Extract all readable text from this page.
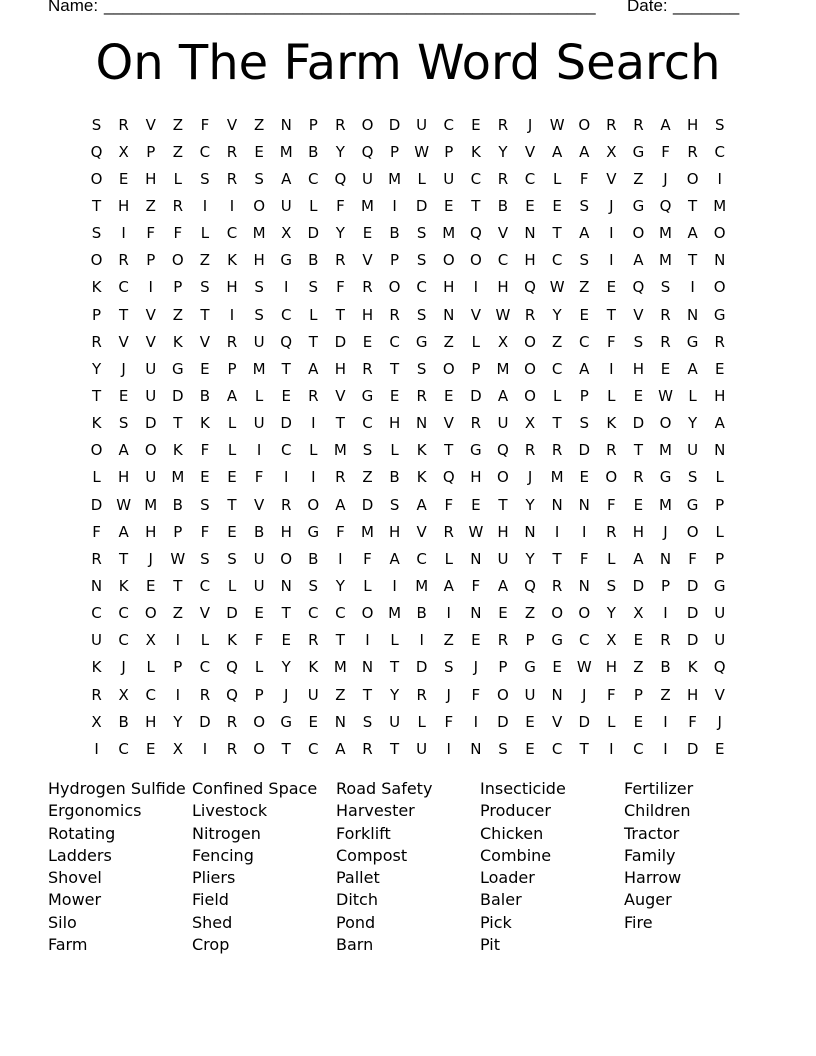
Name: ____________________________________________________ Date: _______
On The Farm Word Search
S	R	V	Z	F	V	Z	N	P	R	O	D	U	C	E	R	J	W O	R	R	A	H	S
Q	X	P	Z	C	R	E	M	B	Y	Q	P	W	P	K	Y	V	A	A	X	G	F	R	C
O	E	H	L	S	R	S	A	C	Q	U	M	L	U	C	R	C	L	F	V	Z	J	O	I
T	H	Z	R	I	I	O	U	L	F	M	I	D	E	T	B	E	E	S	J	G	Q	T	M
S	I	F	F	L	C	M	X	D	Y	E	B	S	M Q	V	N	T	A	I	O M	A	O
O	R	P	O	Z	K	H	G	B	R	V	P	S	O	O	C	H	C	S	I	A	M	T	N
K	C	I	P	S	H	S	I	S	F	R	O	C	H	I	H	Q W Z	E	Q	S	I	O
P	T	V	Z	T	I	S	C	L	T	H	R	S	N	V W R	Y	E	T	V	R	N	G
R	V	V	K	V	R	U	Q	T	D	E	C	G	Z	L	X	O	Z	C	F	S	R	G	R
Y	J	U	G	E	P	M	T	A	H	R	T	S	O	P	M O	C	A	I	H	E	A	E
T	E	U	D	B	A	L	E	R	V	G	E	R	E	D	A	O	L	P	L	E W	L	H
K	S	D	T	K	L	U	D	I	T	C	H	N	V	R	U	X	T	S	K	D	O	Y	A
O	A	O	K	F	L	I	C	L	M	S	L	K	T	G	Q	R	R	D	R	T	M	U	N
L	H	U	M	E	E	F	I	I	R	Z	B	K	Q	H	O	J	M	E	O	R	G	S	L
D W M	B	S	T	V	R	O	A	D	S	A	F	E	T	Y	N	N	F	E	M G	P
F	A	H	P	F	E	B	H	G	F	M H	V	R W H	N	I	I	R	H	J	O	L
R	T	J	W S	S	U	O	B	I	F	A	C	L	N	U	Y	T	F	L	A	N	F	P
N	K	E	T	C	L	U	N	S	Y	L	I	M	A	F	A	Q	R	N	S	D	P	D	G
C	C	O	Z	V	D	E	T	C	C	O M	B	I	N	E	Z	O	O	Y	X	I	D	U
U	C	X	I	L	K	F	E	R	T	I	L	I	Z	E	R	P	G	C	X	E	R	D	U
K	J	L	P	C	Q	L	Y	K	M	N	T	D	S	J	P	G	E W H	Z	B	K	Q
R	X	C	I	R	Q	P	J	U	Z	T	Y	R	J	F	O	U	N	J	F	P	Z	H	V
X	B	H	Y	D	R	O	G	E	N	S	U	L	F	I	D	E	V	D	L	E	I	F	J
I	C	E	X	I	R	O	T	C	A	R	T	U	I	N	S	E	C	T	I	C	I	D	E
Hydrogen Sulfide
Ergonomics
Rotating
Ladders
Shovel
Mower
Silo
Farm
Confined Space
Livestock
Nitrogen
Fencing
Pliers
Field
Shed
Crop
Road Safety
Harvester
Forklift
Compost
Pallet
Ditch
Pond
Barn
Insecticide
Producer
Chicken
Combine
Loader
Baler
Pick
Pit
Fertilizer
Children
Tractor
Family
Harrow
Auger
Fire
